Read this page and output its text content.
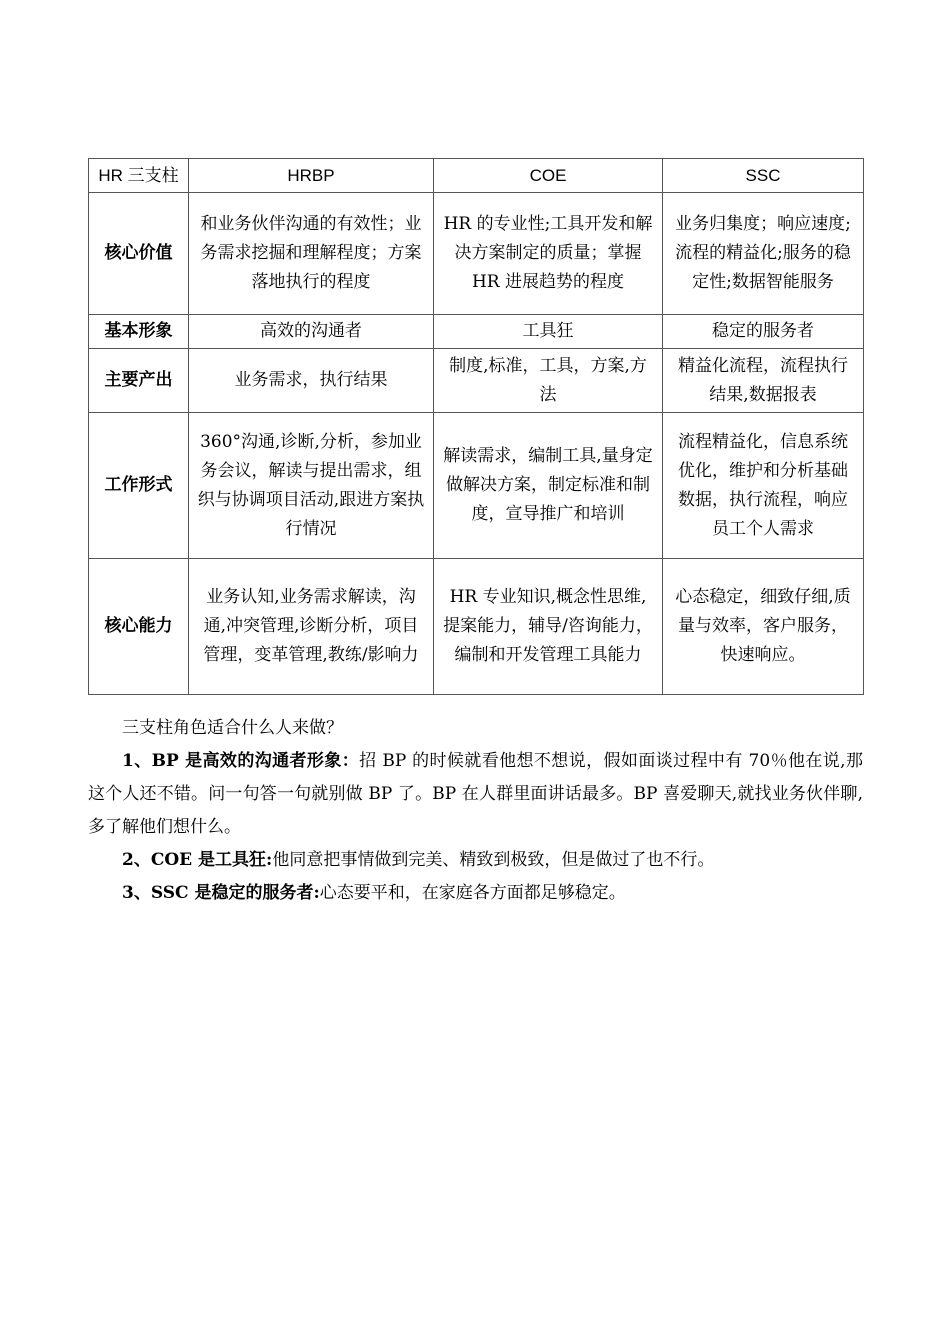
HR 三支柱	HRBP	COE	SSC
核心价值	和业务伙伴沟通的有效性；业务需求挖掘和理解程度；方案落地执行的程度	HR 的专业性;工具开发和解决方案制定的质量；掌握 HR 进展趋势的程度	业务归集度；响应速度;流程的精益化;服务的稳定性;数据智能服务
基本形象	高效的沟通者	工具狂	稳定的服务者
主要产出	业务需求，执行结果	制度,标准，工具，方案,方法	精益化流程，流程执行结果,数据报表
工作形式	360°沟通,诊断,分析，参加业务会议，解读与提出需求，组织与协调项目活动,跟进方案执行情况	解读需求，编制工具,量身定做解决方案，制定标准和制度，宣导推广和培训	流程精益化，信息系统优化，维护和分析基础数据，执行流程，响应员工个人需求
核心能力	业务认知,业务需求解读，沟通,冲突管理,诊断分析，项目管理，变革管理,教练/影响力	HR 专业知识,概念性思维,提案能力，辅导/咨询能力，编制和开发管理工具能力	心态稳定，细致仔细,质量与效率，客户服务，快速响应。

三支柱角色适合什么人来做？

1、BP 是高效的沟通者形象：招 BP 的时候就看他想不想说，假如面谈过程中有 70％他在说,那这个人还不错。问一句答一句就别做 BP 了。BP 在人群里面讲话最多。BP 喜爱聊天,就找业务伙伴聊,多了解他们想什么。

2、COE 是工具狂:他同意把事情做到完美、精致到极致，但是做过了也不行。

3、SSC 是稳定的服务者:心态要平和，在家庭各方面都足够稳定。
